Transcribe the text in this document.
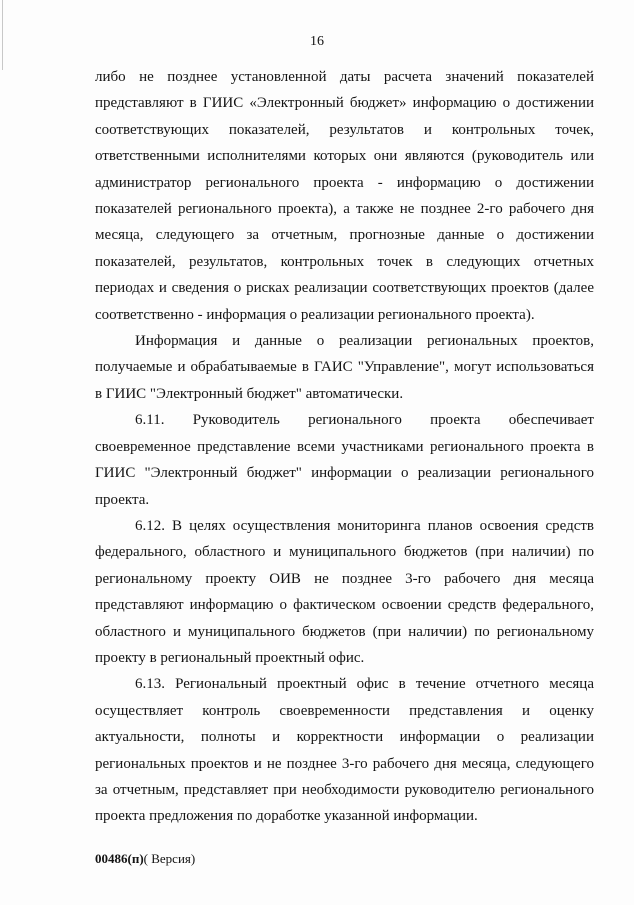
16

либо не позднее установленной даты расчета значений показателей представляют в ГИИС «Электронный бюджет» информацию о достижении соответствующих показателей, результатов и контрольных точек, ответственными исполнителями которых они являются (руководитель или администратор регионального проекта - информацию о достижении показателей регионального проекта), а также не позднее 2-го рабочего дня месяца, следующего за отчетным, прогнозные данные о достижении показателей, результатов, контрольных точек в следующих отчетных периодах и сведения о рисках реализации соответствующих проектов (далее соответственно - информация о реализации регионального проекта).

Информация и данные о реализации региональных проектов, получаемые и обрабатываемые в ГАИС "Управление", могут использоваться в ГИИС "Электронный бюджет" автоматически.

6.11. Руководитель регионального проекта обеспечивает своевременное представление всеми участниками регионального проекта в ГИИС "Электронный бюджет" информации о реализации регионального проекта.

6.12. В целях осуществления мониторинга планов освоения средств федерального, областного и муниципального бюджетов (при наличии) по региональному проекту ОИВ не позднее 3-го рабочего дня месяца представляют информацию о фактическом освоении средств федерального, областного и муниципального бюджетов (при наличии) по региональному проекту в региональный проектный офис.

6.13. Региональный проектный офис в течение отчетного месяца осуществляет контроль своевременности представления и оценку актуальности, полноты и корректности информации о реализации региональных проектов и не позднее 3-го рабочего дня месяца, следующего за отчетным, представляет при необходимости руководителю регионального проекта предложения по доработке указанной информации.

00486(п)( Версия)
